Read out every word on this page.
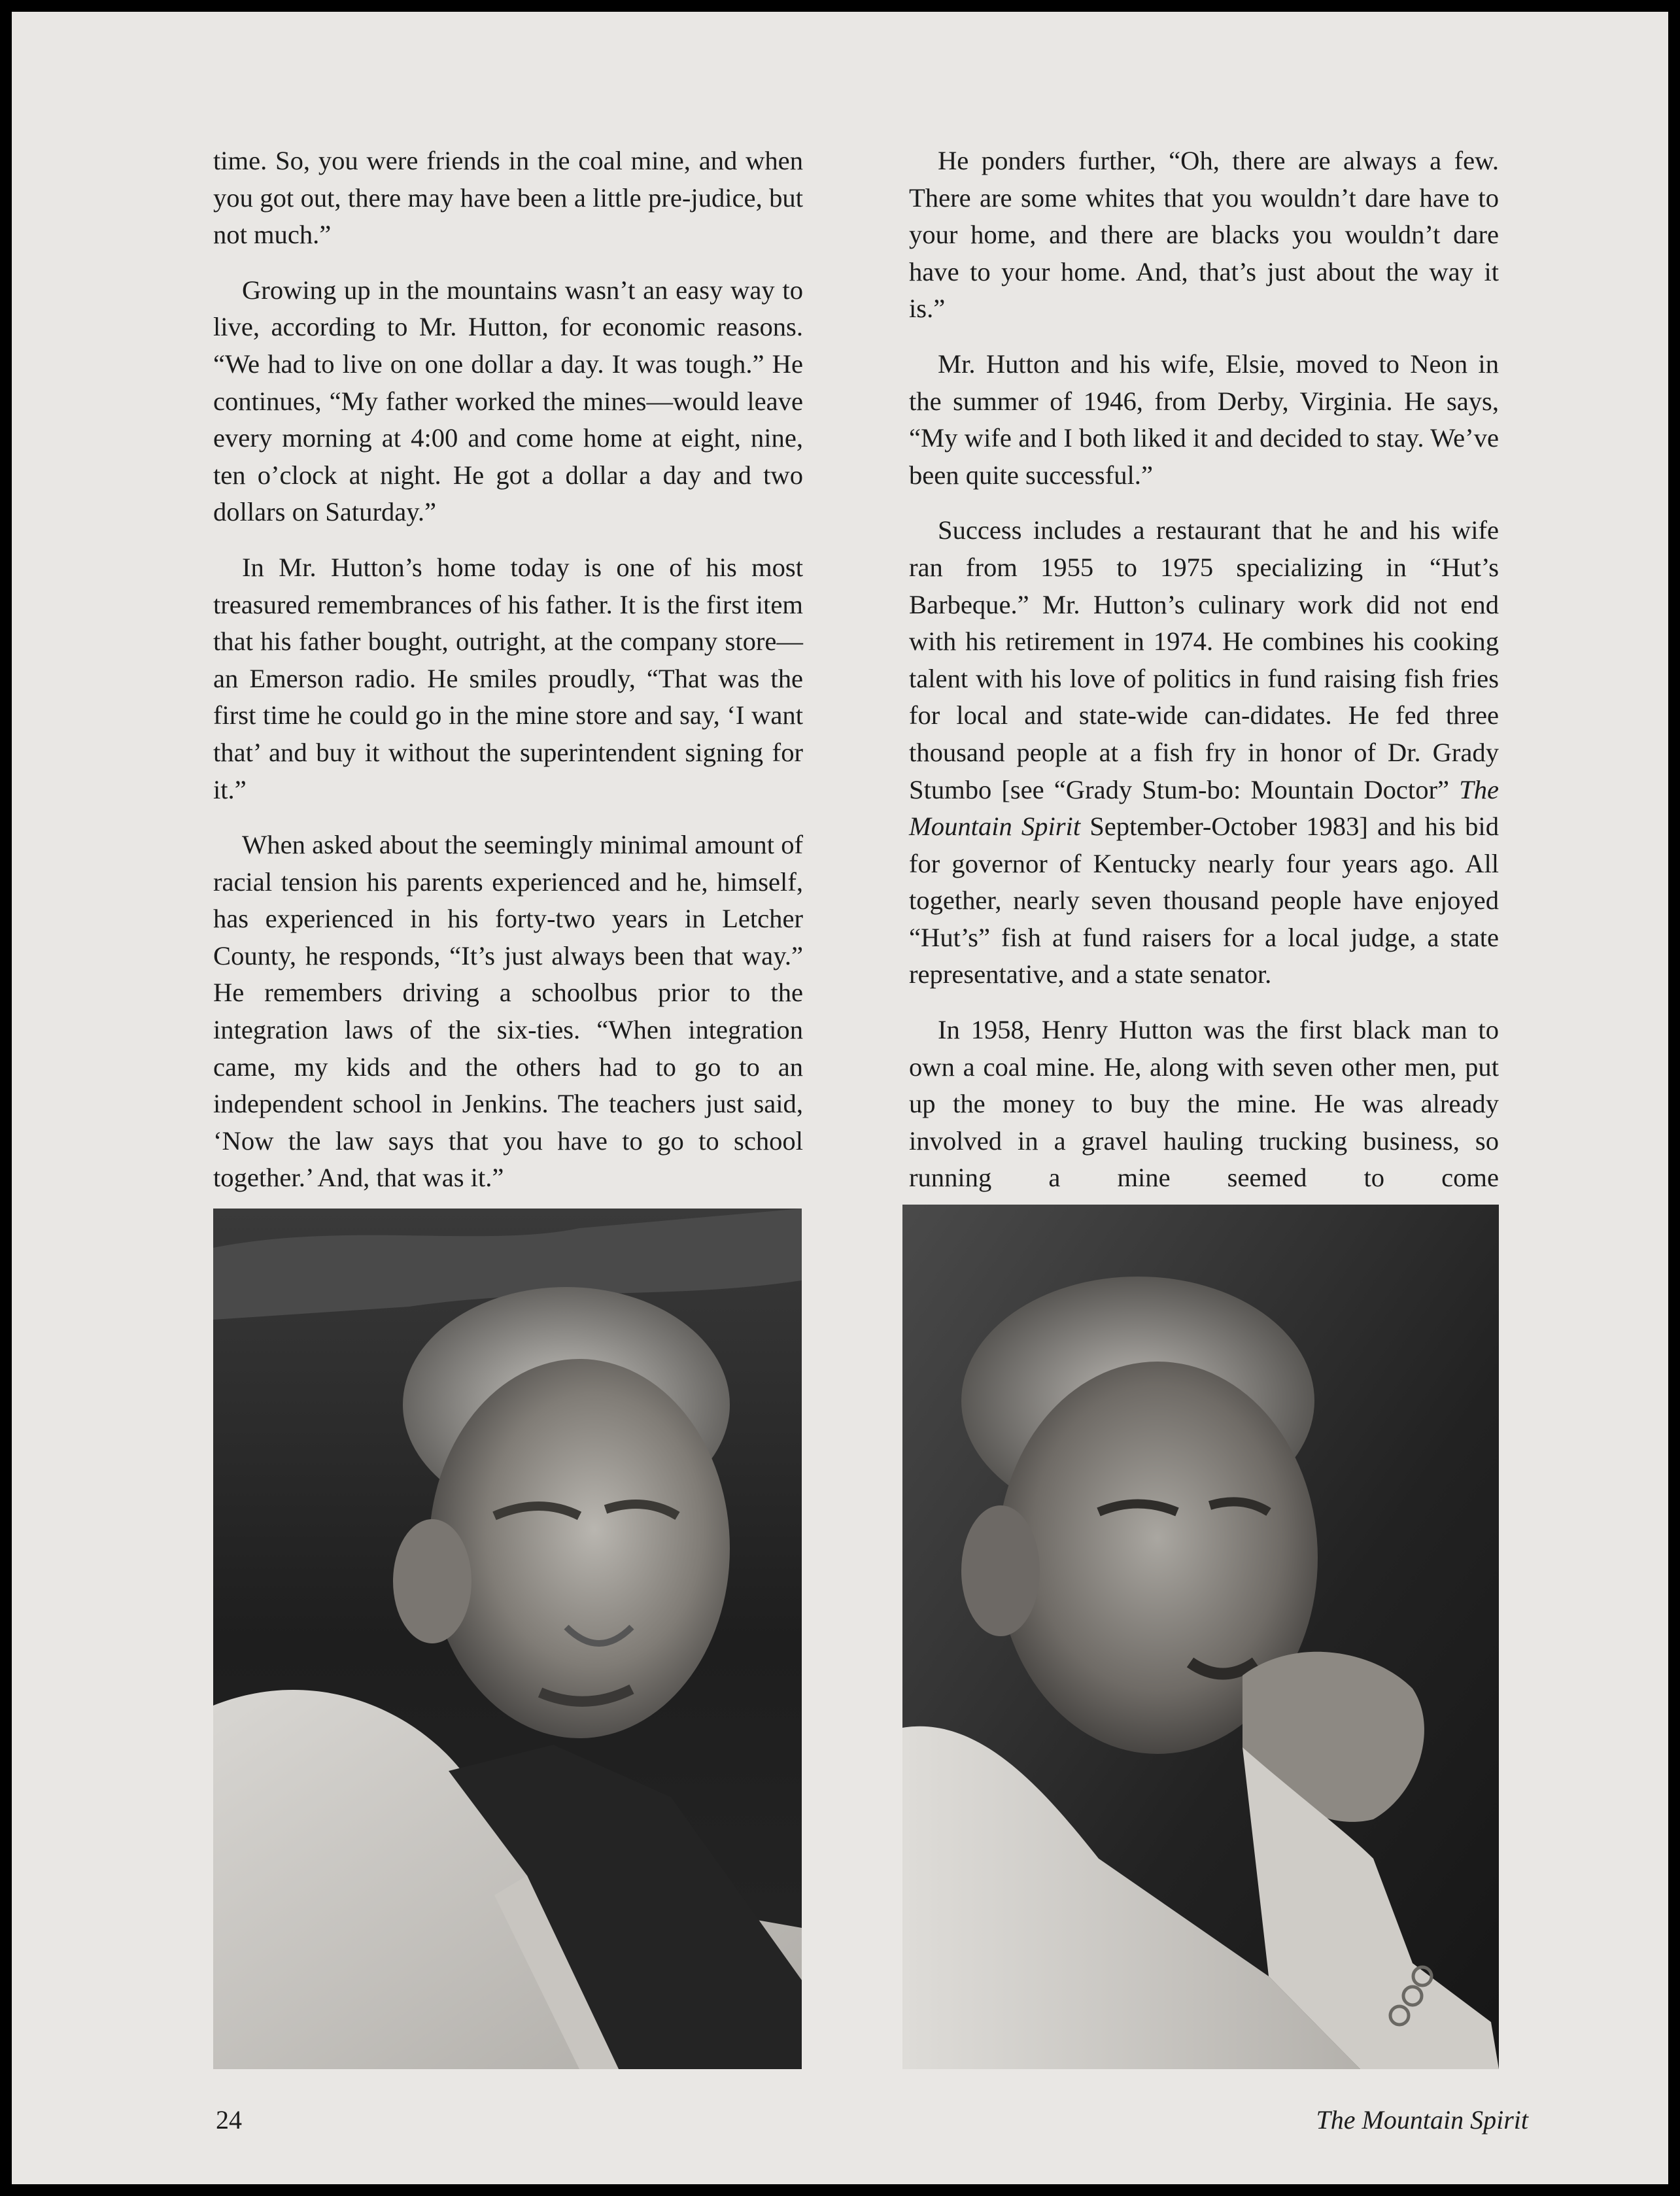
time. So, you were friends in the coal mine, and when you got out, there may have been a little pre-judice, but not much.”

Growing up in the mountains wasn’t an easy way to live, according to Mr. Hutton, for economic reasons. “We had to live on one dollar a day. It was tough.” He continues, “My father worked the mines—would leave every morning at 4:00 and come home at eight, nine, ten o’clock at night. He got a dollar a day and two dollars on Saturday.”

In Mr. Hutton’s home today is one of his most treasured remembrances of his father. It is the first item that his father bought, outright, at the company store—an Emerson radio. He smiles proudly, “That was the first time he could go in the mine store and say, ‘I want that’ and buy it without the superintendent signing for it.”

When asked about the seemingly minimal amount of racial tension his parents experienced and he, himself, has experienced in his forty-two years in Letcher County, he responds, “It’s just always been that way.” He remembers driving a schoolbus prior to the integration laws of the six-ties. “When integration came, my kids and the others had to go to an independent school in Jenkins. The teachers just said, ‘Now the law says that you have to go to school together.’ And, that was it.”

He ponders further, “Oh, there are always a few. There are some whites that you wouldn’t dare have to your home, and there are blacks you wouldn’t dare have to your home. And, that’s just about the way it is.”

Mr. Hutton and his wife, Elsie, moved to Neon in the summer of 1946, from Derby, Virginia. He says, “My wife and I both liked it and decided to stay. We’ve been quite successful.”

Success includes a restaurant that he and his wife ran from 1955 to 1975 specializing in “Hut’s Barbeque.” Mr. Hutton’s culinary work did not end with his retirement in 1974. He combines his cooking talent with his love of politics in fund raising fish fries for local and state-wide can-didates. He fed three thousand people at a fish fry in honor of Dr. Grady Stumbo [see “Grady Stum-bo: Mountain Doctor” The Mountain Spirit September-October 1983] and his bid for governor of Kentucky nearly four years ago. All together, nearly seven thousand people have enjoyed “Hut’s” fish at fund raisers for a local judge, a state representative, and a state senator.

In 1958, Henry Hutton was the first black man to own a coal mine. He, along with seven other men, put up the money to buy the mine. He was already involved in a gravel hauling trucking business, so running a mine seemed to come

24	The Mountain Spirit
